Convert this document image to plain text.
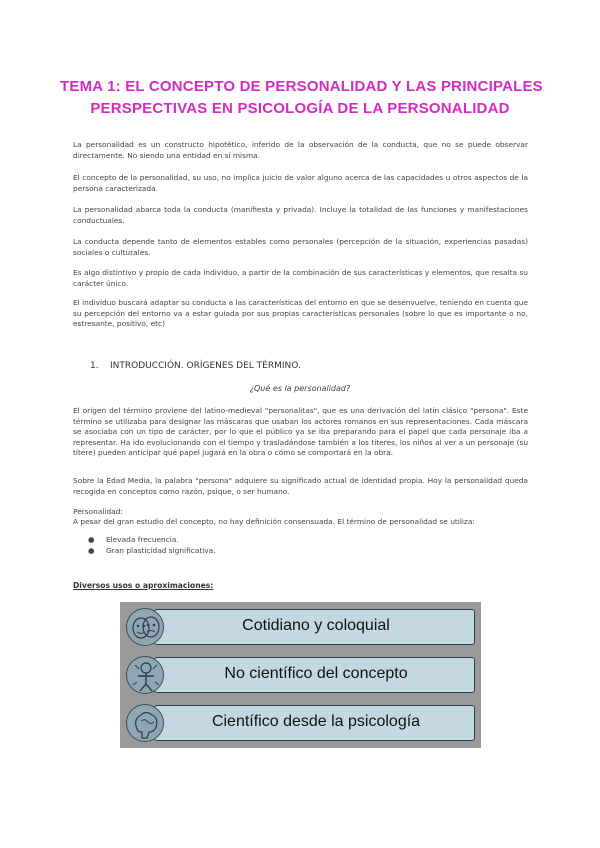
TEMA 1: EL CONCEPTO DE PERSONALIDAD Y LAS PRINCIPALES
PERSPECTIVAS EN PSICOLOGÍA DE LA PERSONALIDAD
La personalidad es un constructo hipotético, inferido de la observación de la conducta, que no se puede observar directamente. No siendo una entidad en sí misma.
El concepto de la personalidad, su uso, no implica juicio de valor alguno acerca de las capacidades u otros aspectos de la persona caracterizada.
La personalidad abarca toda la conducta (manifiesta y privada). Incluye la totalidad de las funciones y manifestaciones conductuales.
La conducta depende tanto de elementos estables como personales (percepción de la situación, experiencias pasadas) sociales o culturales.
Es algo distintivo y propio de cada individuo, a partir de la combinación de sus características y elementos, que resalta su carácter único.
El individuo buscará adaptar su conducta a las características del entorno en que se desenvuelve, teniendo en cuenta que su percepción del entorno va a estar guiada por sus propias características personales (sobre lo que es importante o no, estresante, positivo, etc)
1. INTRODUCCIÓN. ORÍGENES DEL TÉRMINO.
¿Qué es la personalidad?
El origen del término proviene del latino-medieval "personalitas", que es una derivación del latín clásico "persona". Este término se utilizaba para designar las máscaras que usaban los actores romanos en sus representaciones. Cada máscara se asociaba con un tipo de carácter, por lo que el público ya se iba preparando para el papel que cada personaje iba a representar. Ha ido evolucionando con el tiempo y trasladándose también a los títeres, los niños al ver a un personaje (su títere) pueden anticipar qué papel jugará en la obra o cómo se comportará en la obra.
Sobre la Edad Media, la palabra "persona" adquiere su significado actual de identidad propia. Hoy la personalidad queda recogida en conceptos como razón, psique, o ser humano.
Personalidad:
A pesar del gran estudio del concepto, no hay definición consensuada. El término de personalidad se utiliza:
● Elevada frecuencia.
● Gran plasticidad significativa.
Diversos usos o aproximaciones:
Cotidiano y coloquial
No científico del concepto
Científico desde la psicología
